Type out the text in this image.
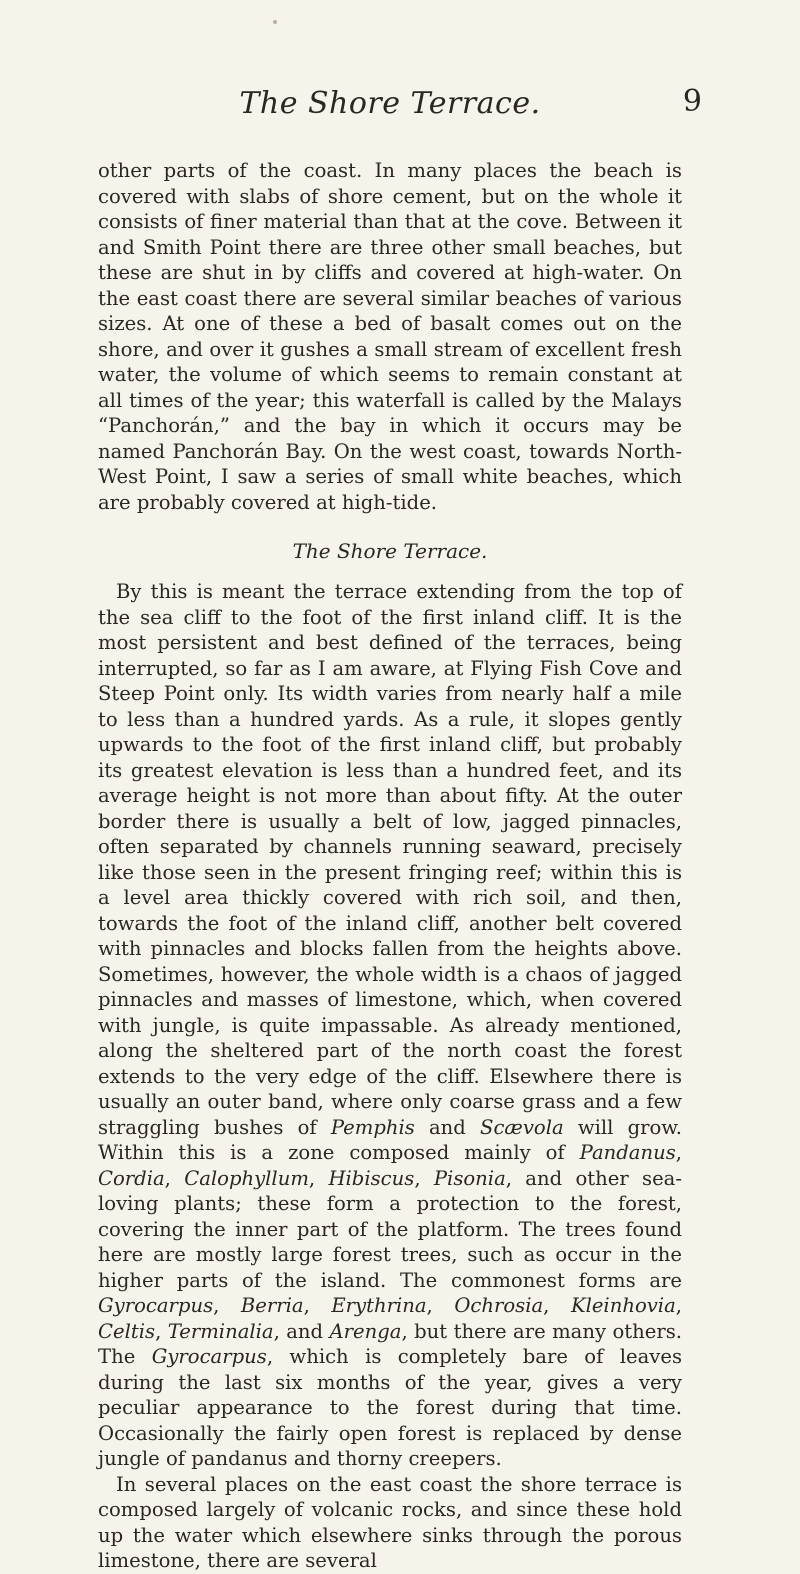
The Shore Terrace.	9

other parts of the coast. In many places the beach is covered with slabs of shore cement, but on the whole it consists of finer material than that at the cove. Between it and Smith Point there are three other small beaches, but these are shut in by cliffs and covered at high-water. On the east coast there are several similar beaches of various sizes. At one of these a bed of basalt comes out on the shore, and over it gushes a small stream of excellent fresh water, the volume of which seems to remain constant at all times of the year; this waterfall is called by the Malays “Panchorán,” and the bay in which it occurs may be named Panchorán Bay. On the west coast, towards North-West Point, I saw a series of small white beaches, which are probably covered at high-tide.

The Shore Terrace.

By this is meant the terrace extending from the top of the sea cliff to the foot of the first inland cliff. It is the most persistent and best defined of the terraces, being interrupted, so far as I am aware, at Flying Fish Cove and Steep Point only. Its width varies from nearly half a mile to less than a hundred yards. As a rule, it slopes gently upwards to the foot of the first inland cliff, but probably its greatest elevation is less than a hundred feet, and its average height is not more than about fifty. At the outer border there is usually a belt of low, jagged pinnacles, often separated by channels running seaward, precisely like those seen in the present fringing reef; within this is a level area thickly covered with rich soil, and then, towards the foot of the inland cliff, another belt covered with pinnacles and blocks fallen from the heights above. Sometimes, however, the whole width is a chaos of jagged pinnacles and masses of limestone, which, when covered with jungle, is quite impassable. As already mentioned, along the sheltered part of the north coast the forest extends to the very edge of the cliff. Elsewhere there is usually an outer band, where only coarse grass and a few straggling bushes of Pemphis and Scævola will grow. Within this is a zone composed mainly of Pandanus, Cordia, Calophyllum, Hibiscus, Pisonia, and other sea-loving plants; these form a protection to the forest, covering the inner part of the platform. The trees found here are mostly large forest trees, such as occur in the higher parts of the island. The commonest forms are Gyrocarpus, Berria, Erythrina, Ochrosia, Kleinhovia, Celtis, Terminalia, and Arenga, but there are many others. The Gyrocarpus, which is completely bare of leaves during the last six months of the year, gives a very peculiar appearance to the forest during that time. Occasionally the fairly open forest is replaced by dense jungle of pandanus and thorny creepers.

In several places on the east coast the shore terrace is composed largely of volcanic rocks, and since these hold up the water which elsewhere sinks through the porous limestone, there are several
